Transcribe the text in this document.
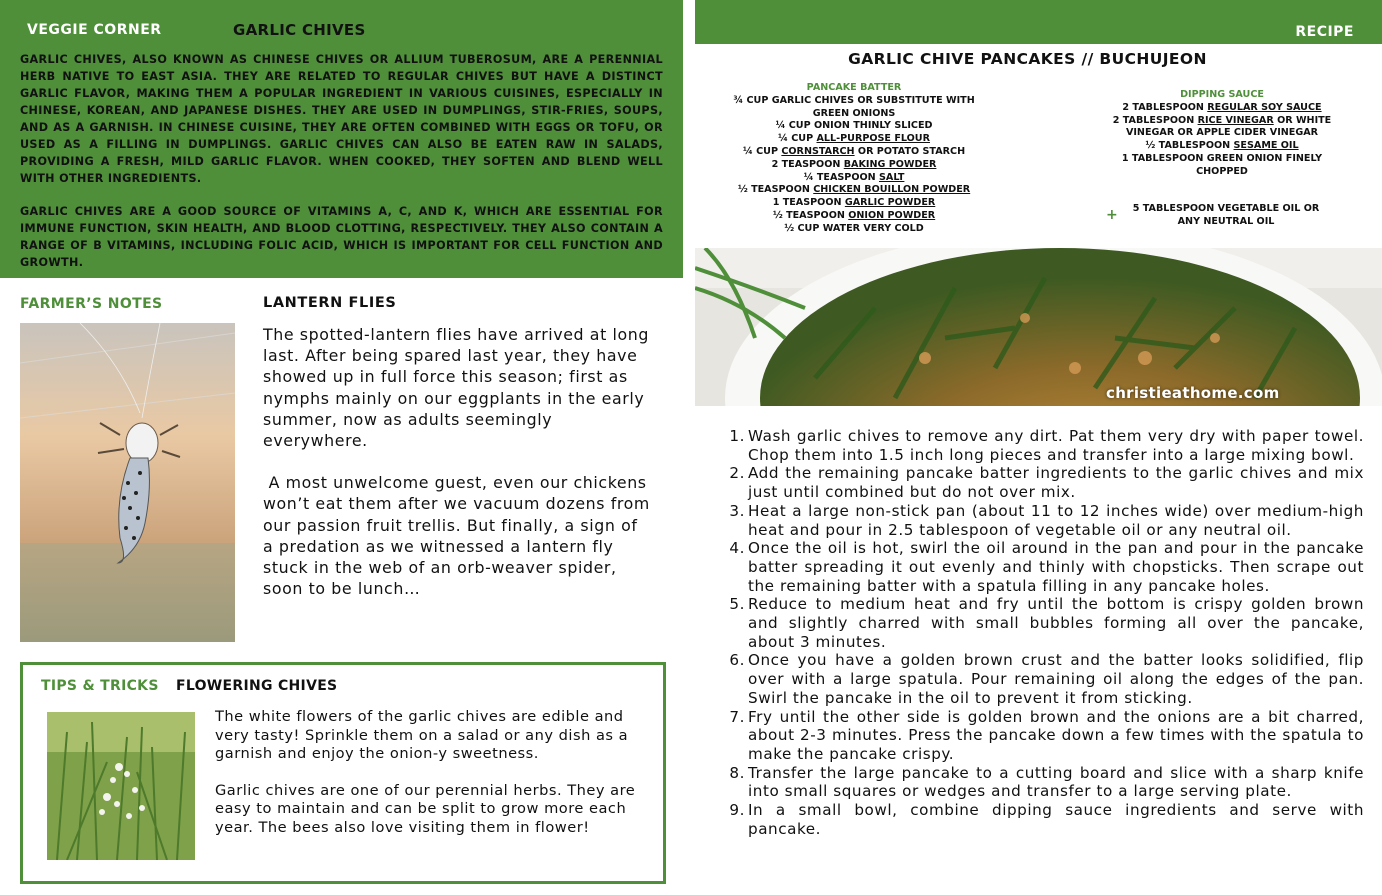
VEGGIE CORNER	GARLIC CHIVES
GARLIC CHIVES, ALSO KNOWN AS CHINESE CHIVES OR ALLIUM TUBEROSUM, ARE A PERENNIAL HERB NATIVE TO EAST ASIA. THEY ARE RELATED TO REGULAR CHIVES BUT HAVE A DISTINCT GARLIC FLAVOR, MAKING THEM A POPULAR INGREDIENT IN VARIOUS CUISINES, ESPECIALLY IN CHINESE, KOREAN, AND JAPANESE DISHES. THEY ARE USED IN DUMPLINGS, STIR-FRIES, SOUPS, AND AS A GARNISH. IN CHINESE CUISINE, THEY ARE OFTEN COMBINED WITH EGGS OR TOFU, OR USED AS A FILLING IN DUMPLINGS. GARLIC CHIVES CAN ALSO BE EATEN RAW IN SALADS, PROVIDING A FRESH, MILD GARLIC FLAVOR. WHEN COOKED, THEY SOFTEN AND BLEND WELL WITH OTHER INGREDIENTS.
GARLIC CHIVES ARE A GOOD SOURCE OF VITAMINS A, C, AND K, WHICH ARE ESSENTIAL FOR IMMUNE FUNCTION, SKIN HEALTH, AND BLOOD CLOTTING, RESPECTIVELY. THEY ALSO CONTAIN A RANGE OF B VITAMINS, INCLUDING FOLIC ACID, WHICH IS IMPORTANT FOR CELL FUNCTION AND GROWTH.
FARMER’S NOTES	LANTERN FLIES

The spotted-lantern flies have arrived at long last. After being spared last year, they have showed up in full force this season; first as nymphs mainly on our eggplants in the early summer, now as adults seemingly everywhere.

A most unwelcome guest, even our chickens won’t eat them after we vacuum dozens from our passion fruit trellis. But finally, a sign of a predation as we witnessed a lantern fly stuck in the web of an orb-weaver spider, soon to be lunch…

TIPS & TRICKS FLOWERING CHIVES

The white flowers of the garlic chives are edible and very tasty! Sprinkle them on a salad or any dish as a garnish and enjoy the onion-y sweetness.

Garlic chives are one of our perennial herbs. They are easy to maintain and can be split to grow more each year. The bees also love visiting them in flower!

RECIPE
GARLIC CHIVE PANCAKES // BUCHUJEON
PANCAKE BATTER
¾ CUP GARLIC CHIVES OR SUBSTITUTE WITH GREEN ONIONS
¼ CUP ONION THINLY SLICED
¼ CUP ALL-PURPOSE FLOUR
¼ CUP CORNSTARCH OR POTATO STARCH
2 TEASPOON BAKING POWDER
¼ TEASPOON SALT
½ TEASPOON CHICKEN BOUILLON POWDER
1 TEASPOON GARLIC POWDER
½ TEASPOON ONION POWDER
½ CUP WATER VERY COLD
DIPPING SAUCE
2 TABLESPOON REGULAR SOY SAUCE
2 TABLESPOON RICE VINEGAR OR WHITE VINEGAR OR APPLE CIDER VINEGAR
½ TABLESPOON SESAME OIL
1 TABLESPOON GREEN ONION FINELY CHOPPED
+ 5 TABLESPOON VEGETABLE OIL OR ANY NEUTRAL OIL
christieathome.com
1. Wash garlic chives to remove any dirt. Pat them very dry with paper towel. Chop them into 1.5 inch long pieces and transfer into a large mixing bowl.
2. Add the remaining pancake batter ingredients to the garlic chives and mix just until combined but do not over mix.
3. Heat a large non-stick pan (about 11 to 12 inches wide) over medium-high heat and pour in 2.5 tablespoon of vegetable oil or any neutral oil.
4. Once the oil is hot, swirl the oil around in the pan and pour in the pancake batter spreading it out evenly and thinly with chopsticks. Then scrape out the remaining batter with a spatula filling in any pancake holes.
5. Reduce to medium heat and fry until the bottom is crispy golden brown and slightly charred with small bubbles forming all over the pancake, about 3 minutes.
6. Once you have a golden brown crust and the batter looks solidified, flip over with a large spatula. Pour remaining oil along the edges of the pan. Swirl the pancake in the oil to prevent it from sticking.
7. Fry until the other side is golden brown and the onions are a bit charred, about 2-3 minutes. Press the pancake down a few times with the spatula to make the pancake crispy.
8. Transfer the large pancake to a cutting board and slice with a sharp knife into small squares or wedges and transfer to a large serving plate.
9. In a small bowl, combine dipping sauce ingredients and serve with pancake.
